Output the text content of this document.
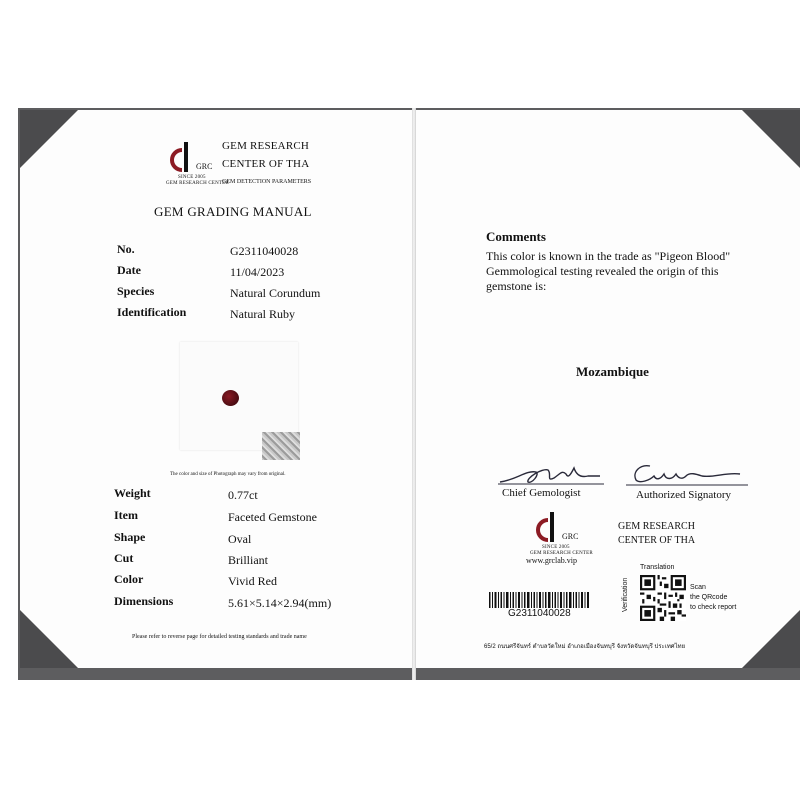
GRC
SINCE 2005
GEM RESEARCH CENTER
GEM RESEARCH
CENTER OF THA
GEM DETECTION PARAMETERS
GEM GRADING MANUAL
No.	G2311040028
Date	11/04/2023
Species	Natural Corundum
Identification	Natural Ruby
The color and size of Photograph may vary from original.
Weight	0.77ct
Item	Faceted Gemstone
Shape	Oval
Cut	Brilliant
Color	Vivid Red
Dimensions	5.61×5.14×2.94(mm)
Please refer to reverse page for detailed testing standards and trade name
Comments
This color is known in the trade as "Pigeon Blood"
Gemmological testing revealed the origin of this
gemstone is:
Mozambique
Chief Gemologist	Authorized Signatory
GRC
SINCE 2005
GEM RESEARCH CENTER
www.grclab.vip
GEM RESEARCH
CENTER OF THA
G2311040028
Translation
Verification	Scan
the QRcode
to check report
65/2 ถนนศรีจันทร์ ตำบลวัดใหม่ อำเภอเมืองจันทบุรี จังหวัดจันทบุรี ประเทศไทย
